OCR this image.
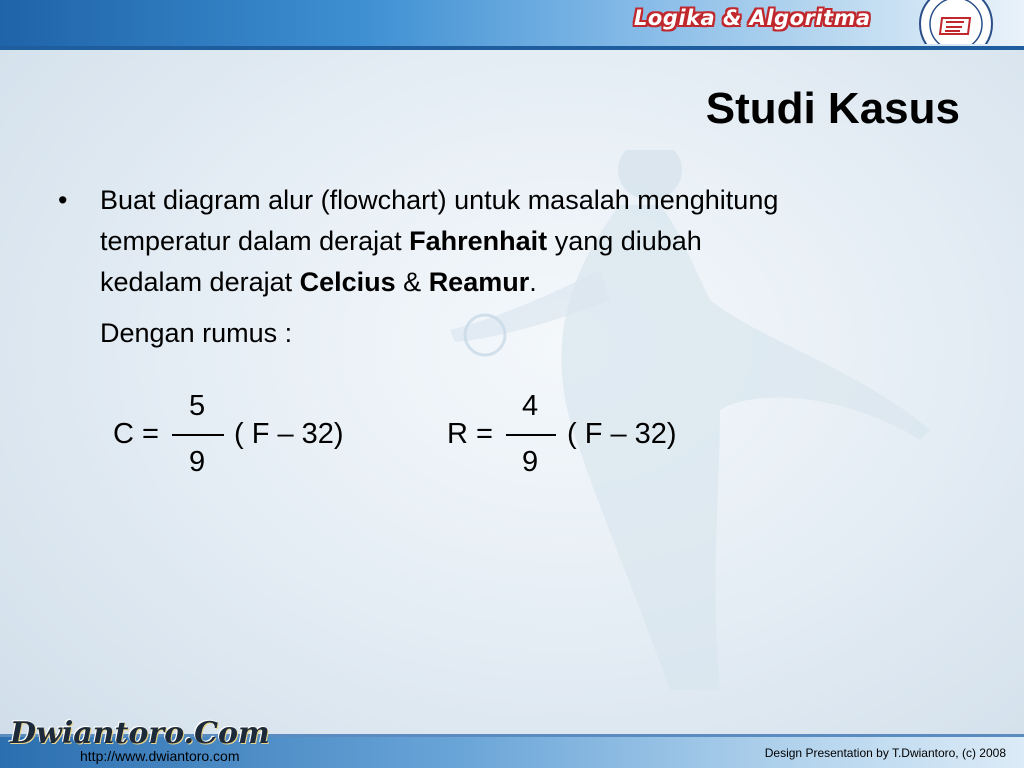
Logika & Algoritma
Studi Kasus
• Buat diagram alur (flowchart) untuk masalah menghitung
temperatur dalam derajat Fahrenhait yang diubah
kedalam derajat Celcius & Reamur.
Dengan rumus :
C =
5
9
( F – 32)	R =
4
9
( F – 32)
Dwiantoro.Com
http://www.dwiantoro.com	Design Presentation by T.Dwiantoro, (c) 2008
